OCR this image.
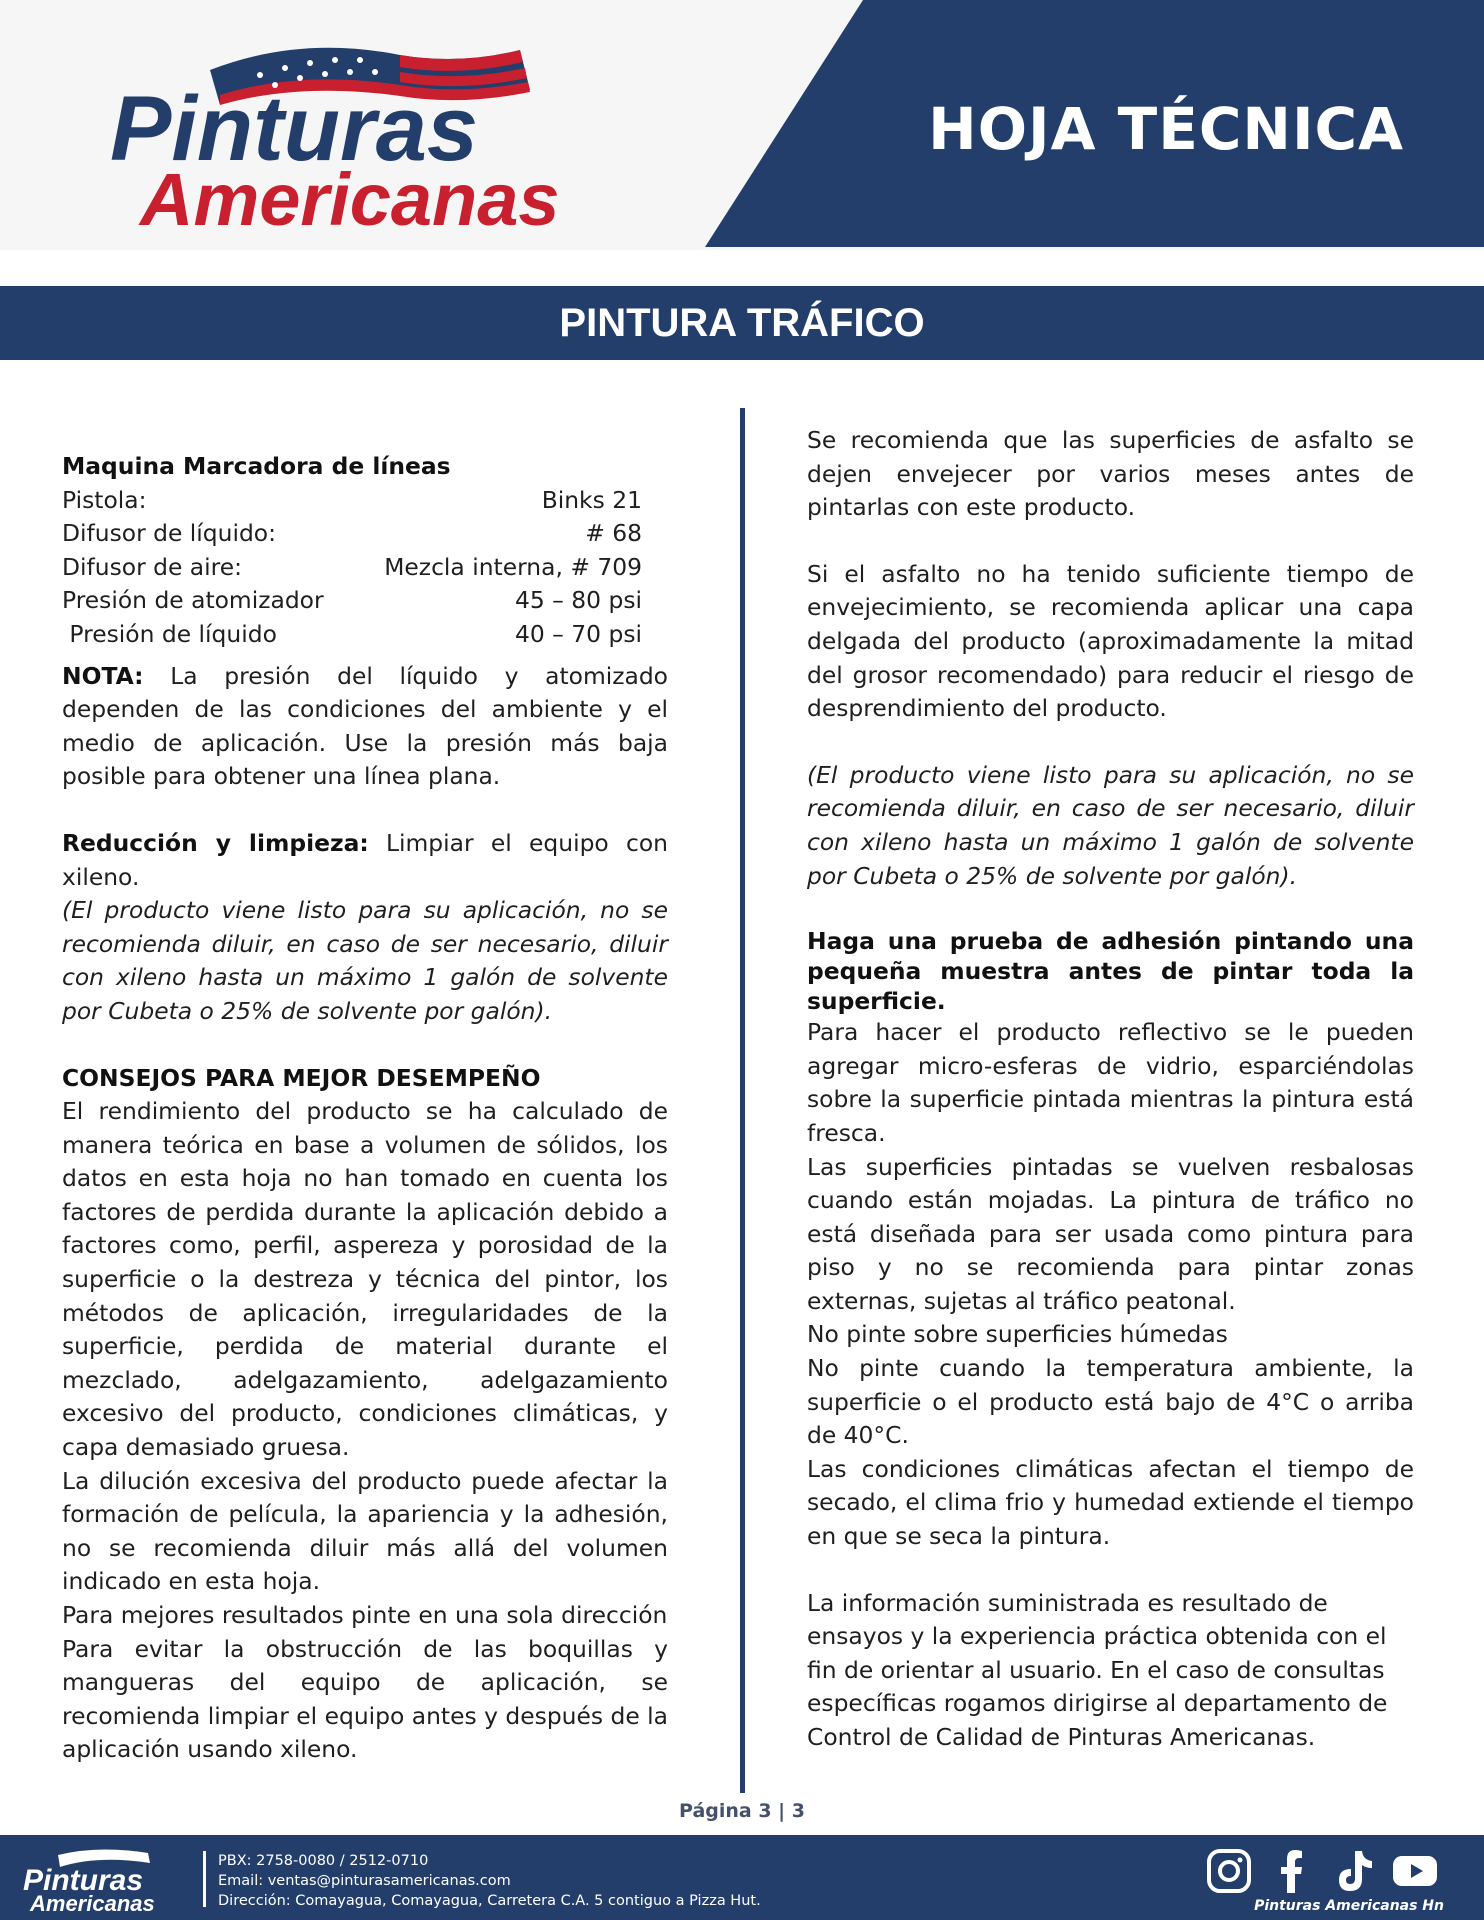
Pinturas
Americanas
HOJA TÉCNICA
PINTURA TRÁFICO
Maquina Marcadora de líneas
Pistola:	Binks 21
Difusor de líquido:	# 68
Difusor de aire:	Mezcla interna, # 709
Presión de atomizador	45 – 80 psi
Presión de líquido	40 – 70 psi

NOTA: La presión del líquido y atomizado dependen de las condiciones del ambiente y el medio de aplicación. Use la presión más baja posible para obtener una línea plana.

Reducción y limpieza: Limpiar el equipo con xileno.

(El producto viene listo para su aplicación, no se recomienda diluir, en caso de ser necesario, diluir con xileno hasta un máximo 1 galón de solvente por Cubeta o 25% de solvente por galón).

CONSEJOS PARA MEJOR DESEMPEÑO

El rendimiento del producto se ha calculado de manera teórica en base a volumen de sólidos, los datos en esta hoja no han tomado en cuenta los factores de perdida durante la aplicación debido a factores como, perfil, aspereza y porosidad de la superficie o la destreza y técnica del pintor, los métodos de aplicación, irregularidades de la superficie, perdida de material durante el mezclado, adelgazamiento, adelgazamiento excesivo del producto, condiciones climáticas, y capa demasiado gruesa.

La dilución excesiva del producto puede afectar la formación de película, la apariencia y la adhesión, no se recomienda diluir más allá del volumen indicado en esta hoja.

Para mejores resultados pinte en una sola dirección

Para evitar la obstrucción de las boquillas y mangueras del equipo de aplicación, se recomienda limpiar el equipo antes y después de la aplicación usando xileno.

Se recomienda que las superficies de asfalto se dejen envejecer por varios meses antes de pintarlas con este producto.

Si el asfalto no ha tenido suficiente tiempo de envejecimiento, se recomienda aplicar una capa delgada del producto (aproximadamente la mitad del grosor recomendado) para reducir el riesgo de desprendimiento del producto.

(El producto viene listo para su aplicación, no se recomienda diluir, en caso de ser necesario, diluir con xileno hasta un máximo 1 galón de solvente por Cubeta o 25% de solvente por galón).

Haga una prueba de adhesión pintando una pequeña muestra antes de pintar toda la superficie.

Para hacer el producto reflectivo se le pueden agregar micro-esferas de vidrio, esparciéndolas sobre la superficie pintada mientras la pintura está fresca.

Las superficies pintadas se vuelven resbalosas cuando están mojadas. La pintura de tráfico no está diseñada para ser usada como pintura para piso y no se recomienda para pintar zonas externas, sujetas al tráfico peatonal.

No pinte sobre superficies húmedas

No pinte cuando la temperatura ambiente, la superficie o el producto está bajo de 4°C o arriba de 40°C.

Las condiciones climáticas afectan el tiempo de secado, el clima frio y humedad extiende el tiempo en que se seca la pintura.

La información suministrada es resultado de ensayos y la experiencia práctica obtenida con el fin de orientar al usuario. En el caso de consultas específicas rogamos dirigirse al departamento de Control de Calidad de Pinturas Americanas.

Página 3 | 3
Pinturas
Americanas
PBX: 2758-0080 / 2512-0710
Email: ventas@pinturasamericanas.com
Dirección: Comayagua, Comayagua, Carretera C.A. 5 contiguo a Pizza Hut.	Pinturas Americanas Hn
